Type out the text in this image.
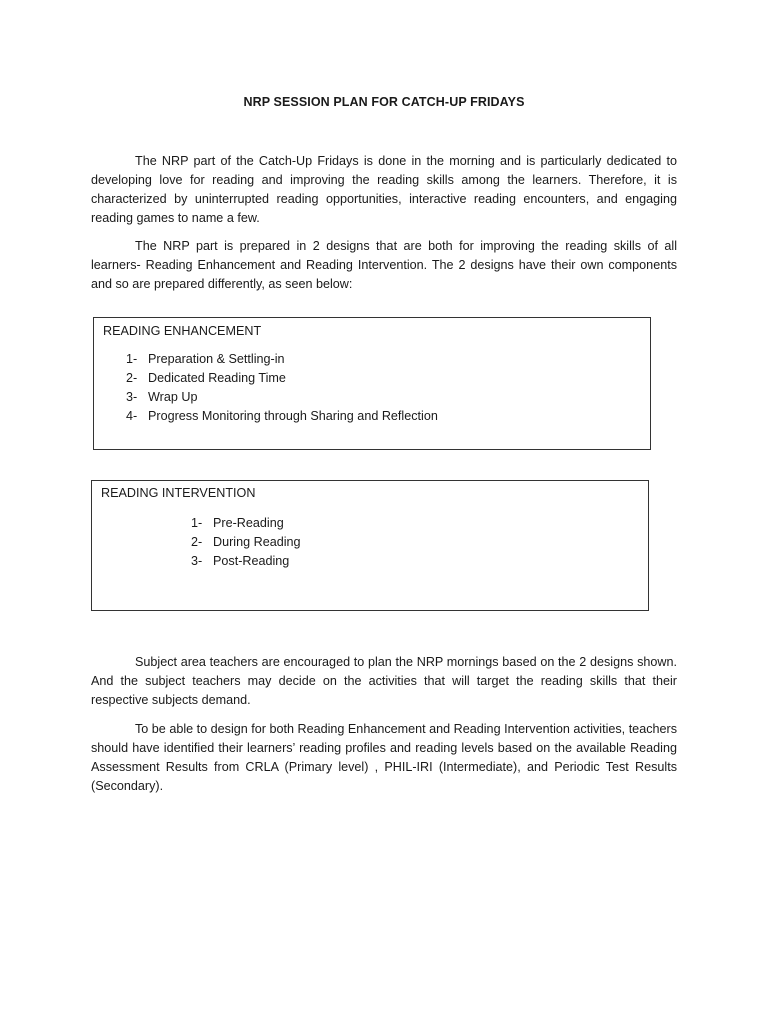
NRP SESSION PLAN FOR CATCH-UP FRIDAYS

The NRP part of the Catch-Up Fridays is done in the morning and is particularly dedicated to developing love for reading and improving the reading skills among the learners. Therefore, it is characterized by uninterrupted reading opportunities, interactive reading encounters, and engaging reading games to name a few.

The NRP part is prepared in 2 designs that are both for improving the reading skills of all learners- Reading Enhancement and Reading Intervention. The 2 designs have their own components and so are prepared differently, as seen below:

READING ENHANCEMENT
1- Preparation & Settling-in
2- Dedicated Reading Time
3- Wrap Up
4- Progress Monitoring through Sharing and Reflection
READING INTERVENTION
1- Pre-Reading
2- During Reading
3- Post-Reading

Subject area teachers are encouraged to plan the NRP mornings based on the 2 designs shown. And the subject teachers may decide on the activities that will target the reading skills that their respective subjects demand.

To be able to design for both Reading Enhancement and Reading Intervention activities, teachers should have identified their learners’ reading profiles and reading levels based on the available Reading Assessment Results from CRLA (Primary level) , PHIL-IRI (Intermediate), and Periodic Test Results (Secondary).
